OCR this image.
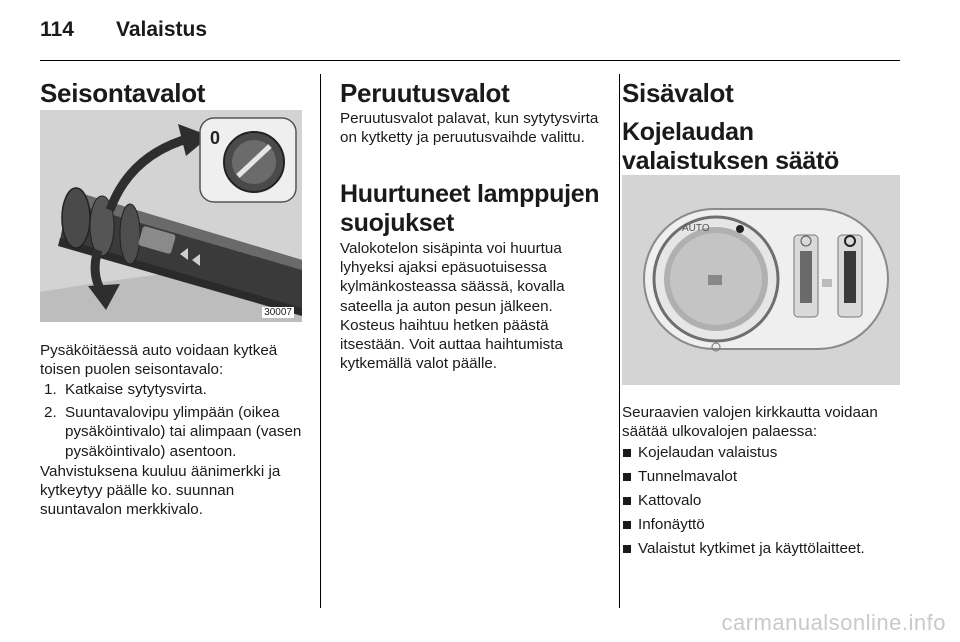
114 Valaistus
Seisontavalot
0
30007
Pysäköitäessä auto voidaan kytkeä toisen puolen seisontavalo:
1. Katkaise sytytysvirta.
2. Suuntavalovipu ylimpään (oikea pysäköintivalo) tai alimpaan (vasen pysäköintivalo) asentoon.
Vahvistuksena kuuluu äänimerkki ja kytkeytyy päälle ko. suunnan suuntavalon merkkivalo.
Peruutusvalot
Peruutusvalot palavat, kun sytytysvirta on kytketty ja peruutusvaihde valittu.
Huurtuneet lamppujen suojukset
Valokotelon sisäpinta voi huurtua lyhyeksi ajaksi epäsuotuisessa kylmänkosteassa säässä, kovalla sateella ja auton pesun jälkeen. Kosteus haihtuu hetken päästä itsestään. Voit auttaa haihtumista kytkemällä valot päälle.
Sisävalot
Kojelaudan valaistuksen säätö
AUTO
Seuraavien valojen kirkkautta voidaan säätää ulkovalojen palaessa:
Kojelaudan valaistus
Tunnelmavalot
Kattovalo
Infonäyttö
Valaistut kytkimet ja käyttölaitteet.
carmanualsonline.info
